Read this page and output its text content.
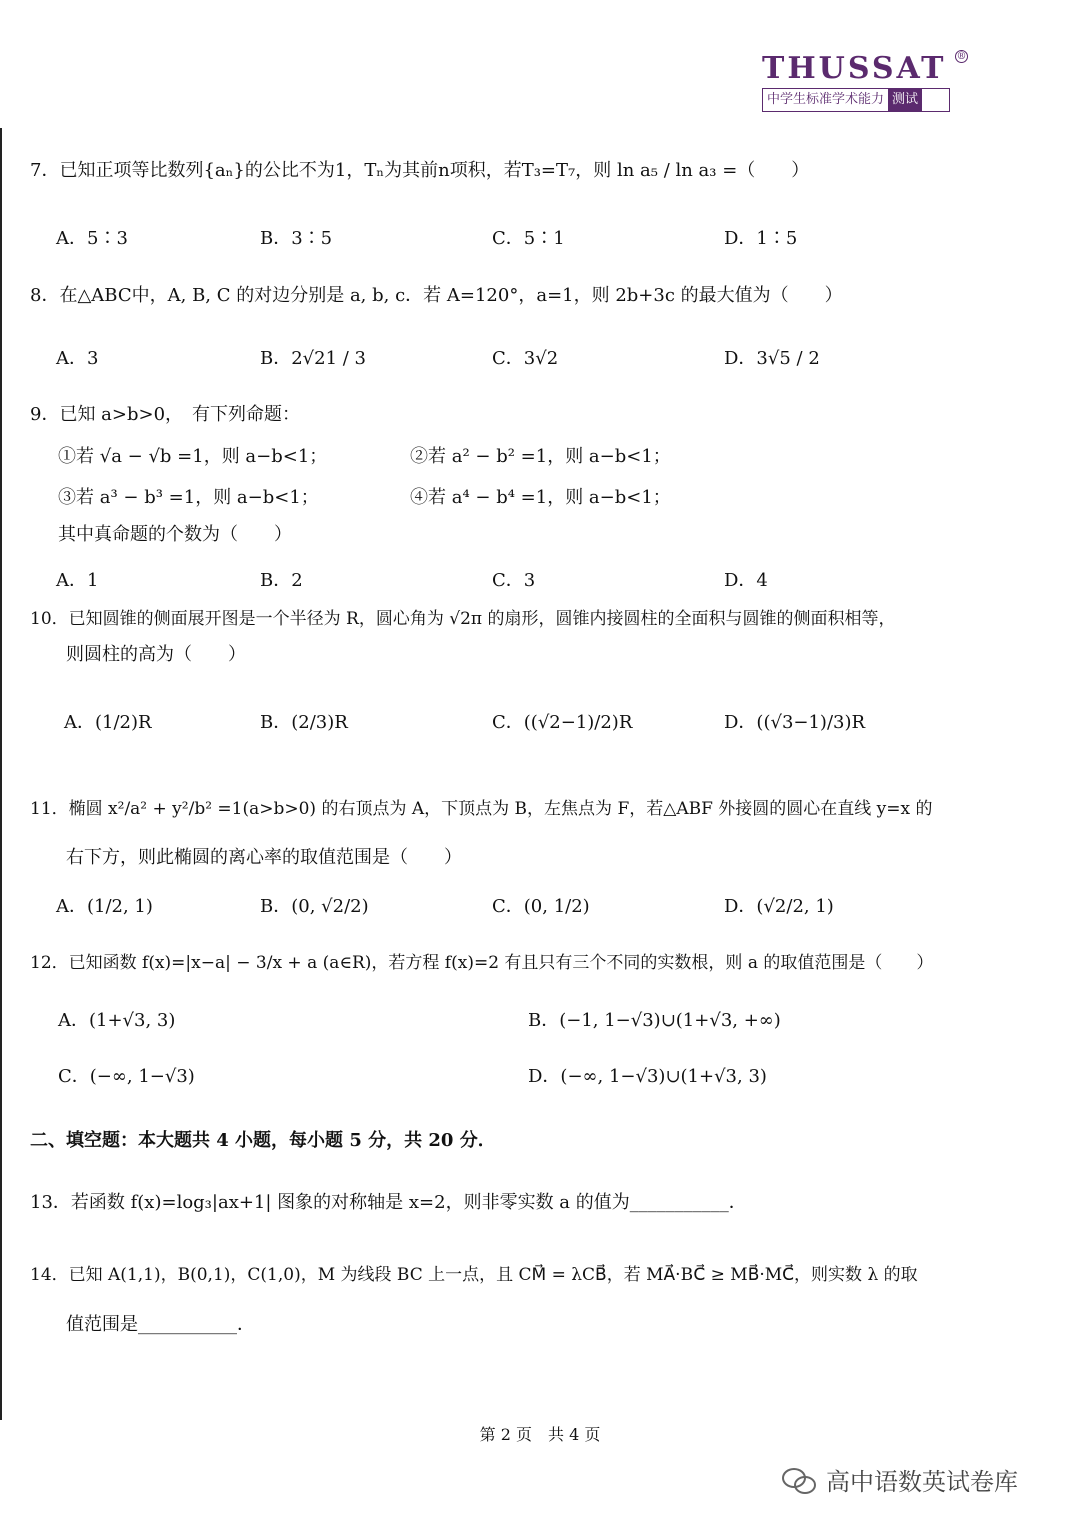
THUSSAT	®
中学生标准学术能力 测试
7．已知正项等比数列{aₙ}的公比不为1，Tₙ为其前n项积，若T₃=T₇，则 ln a₅ / ln a₃ =（　　）
A．5∶3	B．3∶5	C．5∶1	D．1∶5
8．在△ABC中，A, B, C 的对边分别是 a, b, c．若 A=120°，a=1，则 2b+3c 的最大值为（　　）
A．3	B．2√21 / 3	C．3√2	D．3√5 / 2
9．已知 a>b>0，　有下列命题：
①若 √a − √b =1，则 a−b<1；	②若 a² − b² =1，则 a−b<1；
③若 a³ − b³ =1，则 a−b<1；	④若 a⁴ − b⁴ =1，则 a−b<1；
其中真命题的个数为（　　）
A．1	B．2	C．3	D．4
10．已知圆锥的侧面展开图是一个半径为 R，圆心角为 √2π 的扇形，圆锥内接圆柱的全面积与圆锥的侧面积相等，
则圆柱的高为（　　）
A．(1/2)R	B．(2/3)R	C．((√2−1)/2)R	D．((√3−1)/3)R
11．椭圆 x²/a² + y²/b² =1(a>b>0) 的右顶点为 A，下顶点为 B，左焦点为 F，若△ABF 外接圆的圆心在直线 y=x 的
右下方，则此椭圆的离心率的取值范围是（　　）
A．(1/2, 1)	B．(0, √2/2)	C．(0, 1/2)	D．(√2/2, 1)
12．已知函数 f(x)=|x−a| − 3/x + a (a∈R)，若方程 f(x)=2 有且只有三个不同的实数根，则 a 的取值范围是（　　）
A．(1+√3, 3)	B．(−1, 1−√3)∪(1+√3, +∞)
C．(−∞, 1−√3)	D．(−∞, 1−√3)∪(1+√3, 3)
二、填空题：本大题共 4 小题，每小题 5 分，共 20 分．
13．若函数 f(x)=log₃|ax+1| 图象的对称轴是 x=2，则非零实数 a 的值为___________．
14．已知 A(1,1)，B(0,1)，C(1,0)，M 为线段 BC 上一点，且 CM⃗ = λCB⃗，若 MA⃗·BC⃗ ≥ MB⃗·MC⃗，则实数 λ 的取
值范围是___________．
第 2 页　共 4 页
高中语数英试卷库
